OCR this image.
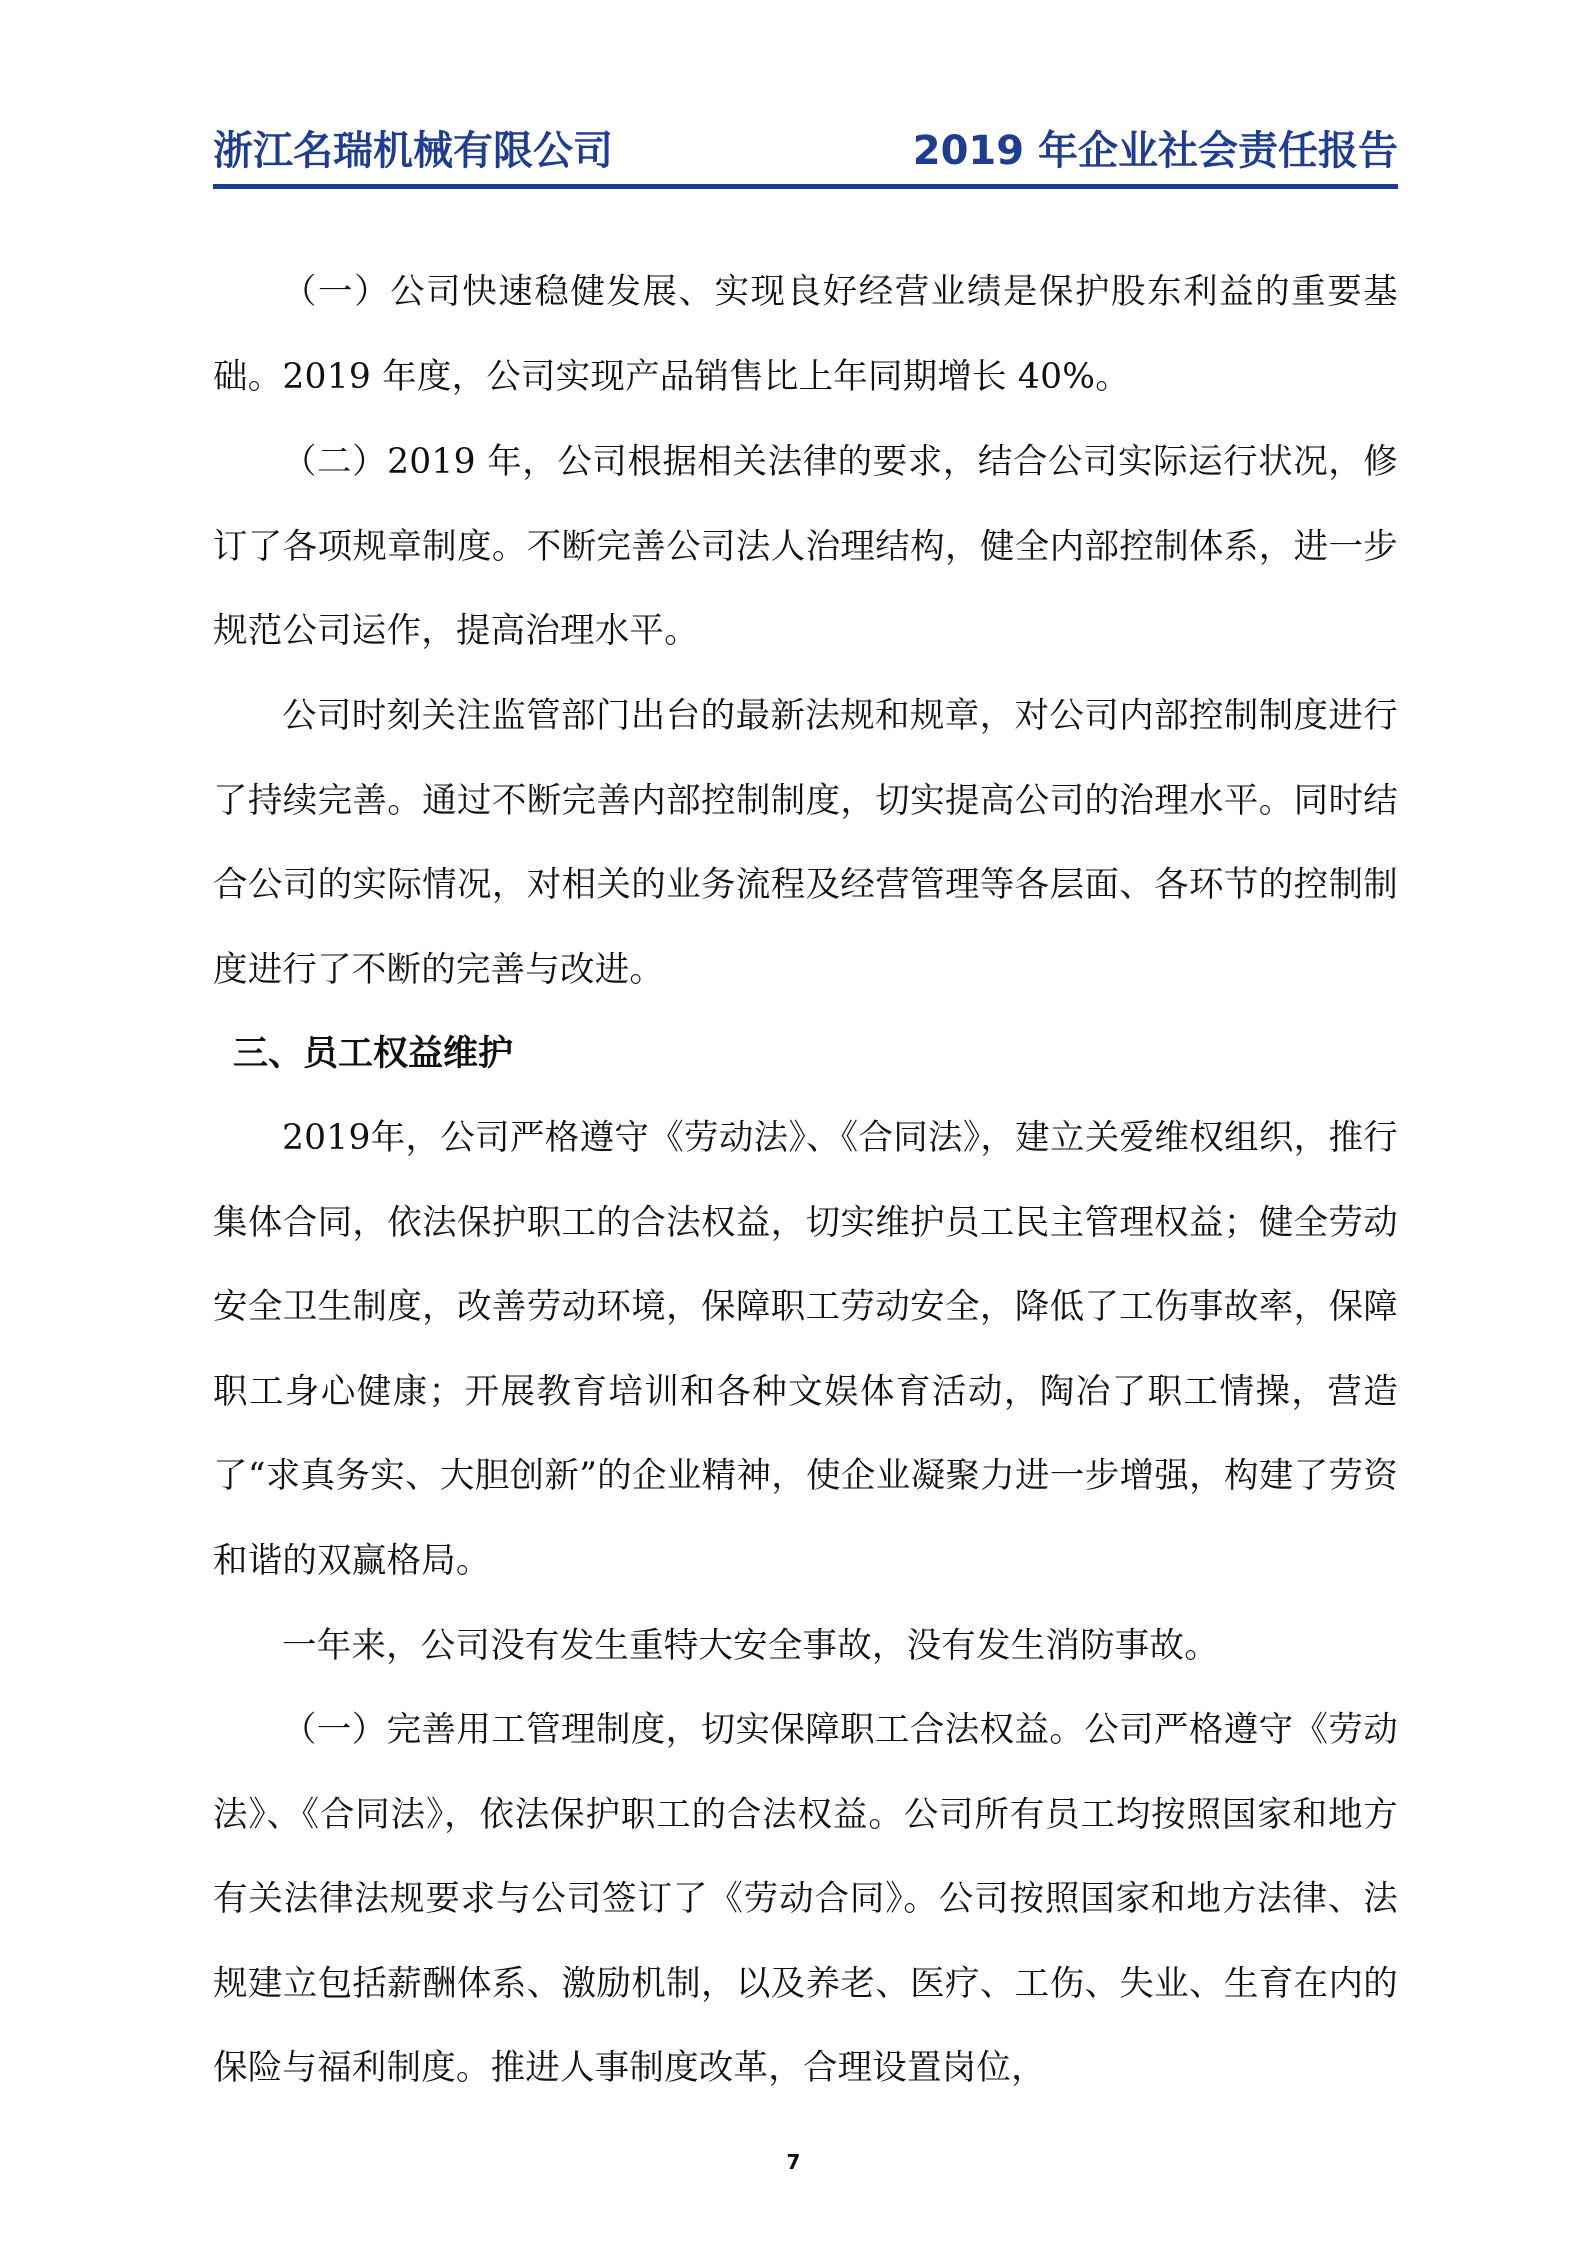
浙江名瑞机械有限公司	2019 年企业社会责任报告

（一）公司快速稳健发展、实现良好经营业绩是保护股东利益的重要基础。2019 年度，公司实现产品销售比上年同期增长 40%。

（二）2019 年，公司根据相关法律的要求，结合公司实际运行状况，修订了各项规章制度。不断完善公司法人治理结构，健全内部控制体系，进一步规范公司运作，提高治理水平。

公司时刻关注监管部门出台的最新法规和规章，对公司内部控制制度进行了持续完善。通过不断完善内部控制制度，切实提高公司的治理水平。同时结合公司的实际情况，对相关的业务流程及经营管理等各层面、各环节的控制制度进行了不断的完善与改进。

三、员工权益维护

2019年，公司严格遵守《劳动法》、《合同法》，建立关爱维权组织，推行集体合同，依法保护职工的合法权益，切实维护员工民主管理权益；健全劳动安全卫生制度，改善劳动环境，保障职工劳动安全，降低了工伤事故率，保障职工身心健康；开展教育培训和各种文娱体育活动，陶冶了职工情操，营造了“求真务实、大胆创新”的企业精神，使企业凝聚力进一步增强，构建了劳资和谐的双赢格局。

一年来，公司没有发生重特大安全事故，没有发生消防事故。

（一）完善用工管理制度，切实保障职工合法权益。公司严格遵守《劳动法》、《合同法》，依法保护职工的合法权益。公司所有员工均按照国家和地方有关法律法规要求与公司签订了《劳动合同》。公司按照国家和地方法律、法规建立包括薪酬体系、激励机制，以及养老、医疗、工伤、失业、生育在内的保险与福利制度。推进人事制度改革，合理设置岗位，

7
